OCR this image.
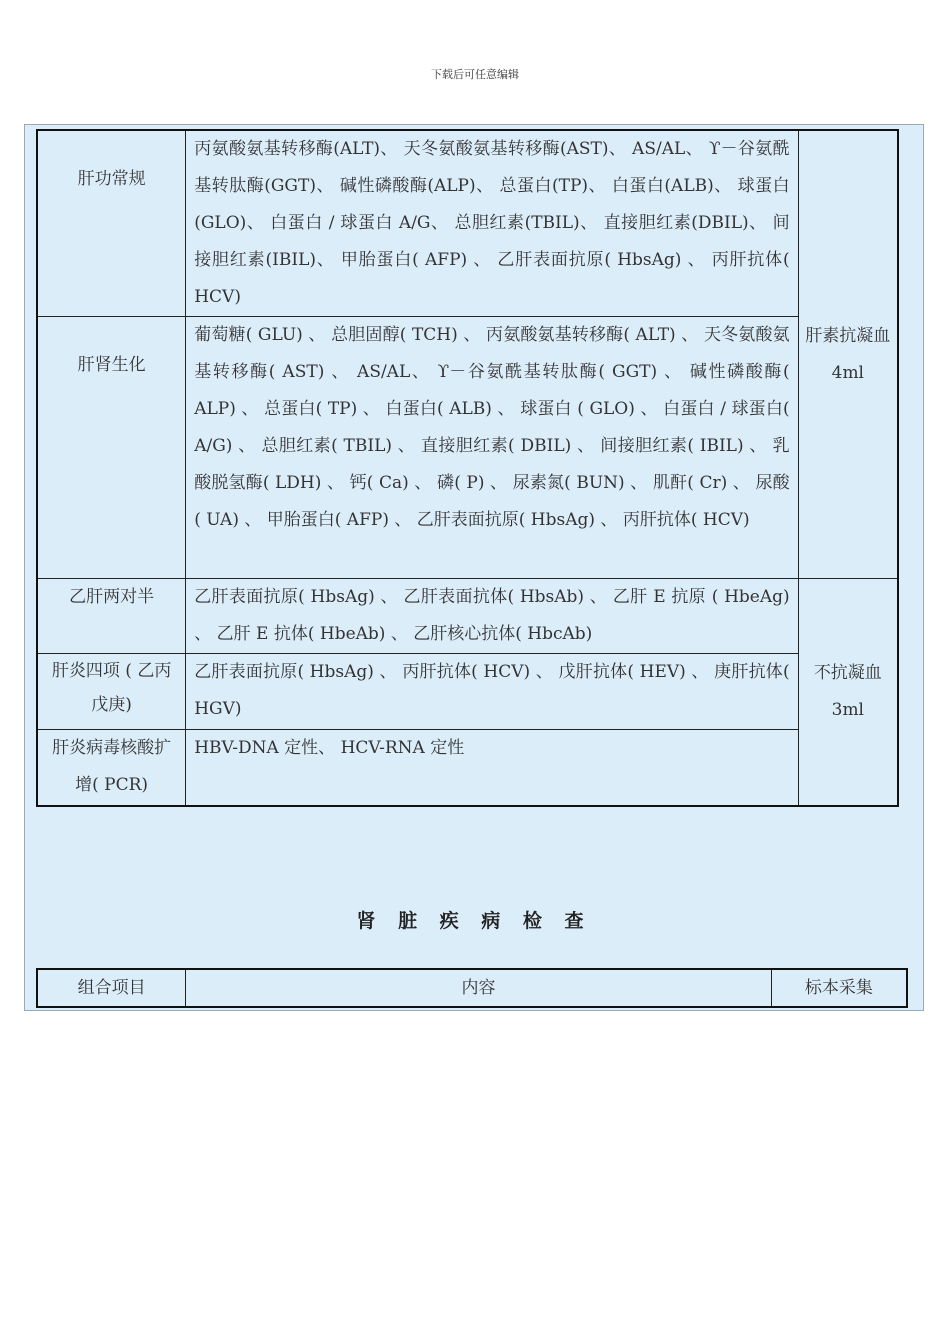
下载后可任意编辑
肝功常规	丙氨酸氨基转移酶(ALT)、 天冬氨酸氨基转移酶(AST)、 AS/AL、 ϒ－谷氨酰基转肽酶(GGT)、 碱性磷酸酶(ALP)、 总蛋白(TP)、 白蛋白(ALB)、 球蛋白(GLO)、 白蛋白 / 球蛋白 A/G、 总胆红素(TBIL)、 直接胆红素(DBIL)、 间接胆红素(IBIL)、 甲胎蛋白( AFP) 、 乙肝表面抗原( HbsAg) 、 丙肝抗体( HCV)	肝素抗凝血 4ml
肝肾生化	葡萄糖( GLU) 、 总胆固醇( TCH) 、 丙氨酸氨基转移酶( ALT) 、 天冬氨酸氨基转移酶( AST) 、 AS/AL、 ϒ－谷氨酰基转肽酶( GGT) 、 碱性磷酸酶( ALP) 、 总蛋白( TP) 、 白蛋白( ALB) 、 球蛋白 ( GLO) 、 白蛋白 / 球蛋白( A/G) 、 总胆红素( TBIL) 、 直接胆红素( DBIL) 、 间接胆红素( IBIL) 、 乳酸脱氢酶( LDH) 、 钙( Ca) 、 磷( P) 、 尿素氮( BUN) 、 肌酐( Cr) 、 尿酸( UA) 、 甲胎蛋白( AFP) 、 乙肝表面抗原( HbsAg) 、 丙肝抗体( HCV)	
乙肝两对半	乙肝表面抗原( HbsAg) 、 乙肝表面抗体( HbsAb) 、 乙肝 E 抗原 ( HbeAg) 、 乙肝 E 抗体( HbeAb) 、 乙肝核心抗体( HbcAb)	不抗凝血 3ml
肝炎四项 ( 乙丙戊庚)	乙肝表面抗原( HbsAg) 、 丙肝抗体( HCV) 、 戊肝抗体( HEV) 、 庚肝抗体( HGV)	
肝炎病毒核酸扩增( PCR)	HBV-DNA 定性、 HCV-RNA 定性	
肾 脏 疾 病 检 查
组合项目	内容	标本采集
